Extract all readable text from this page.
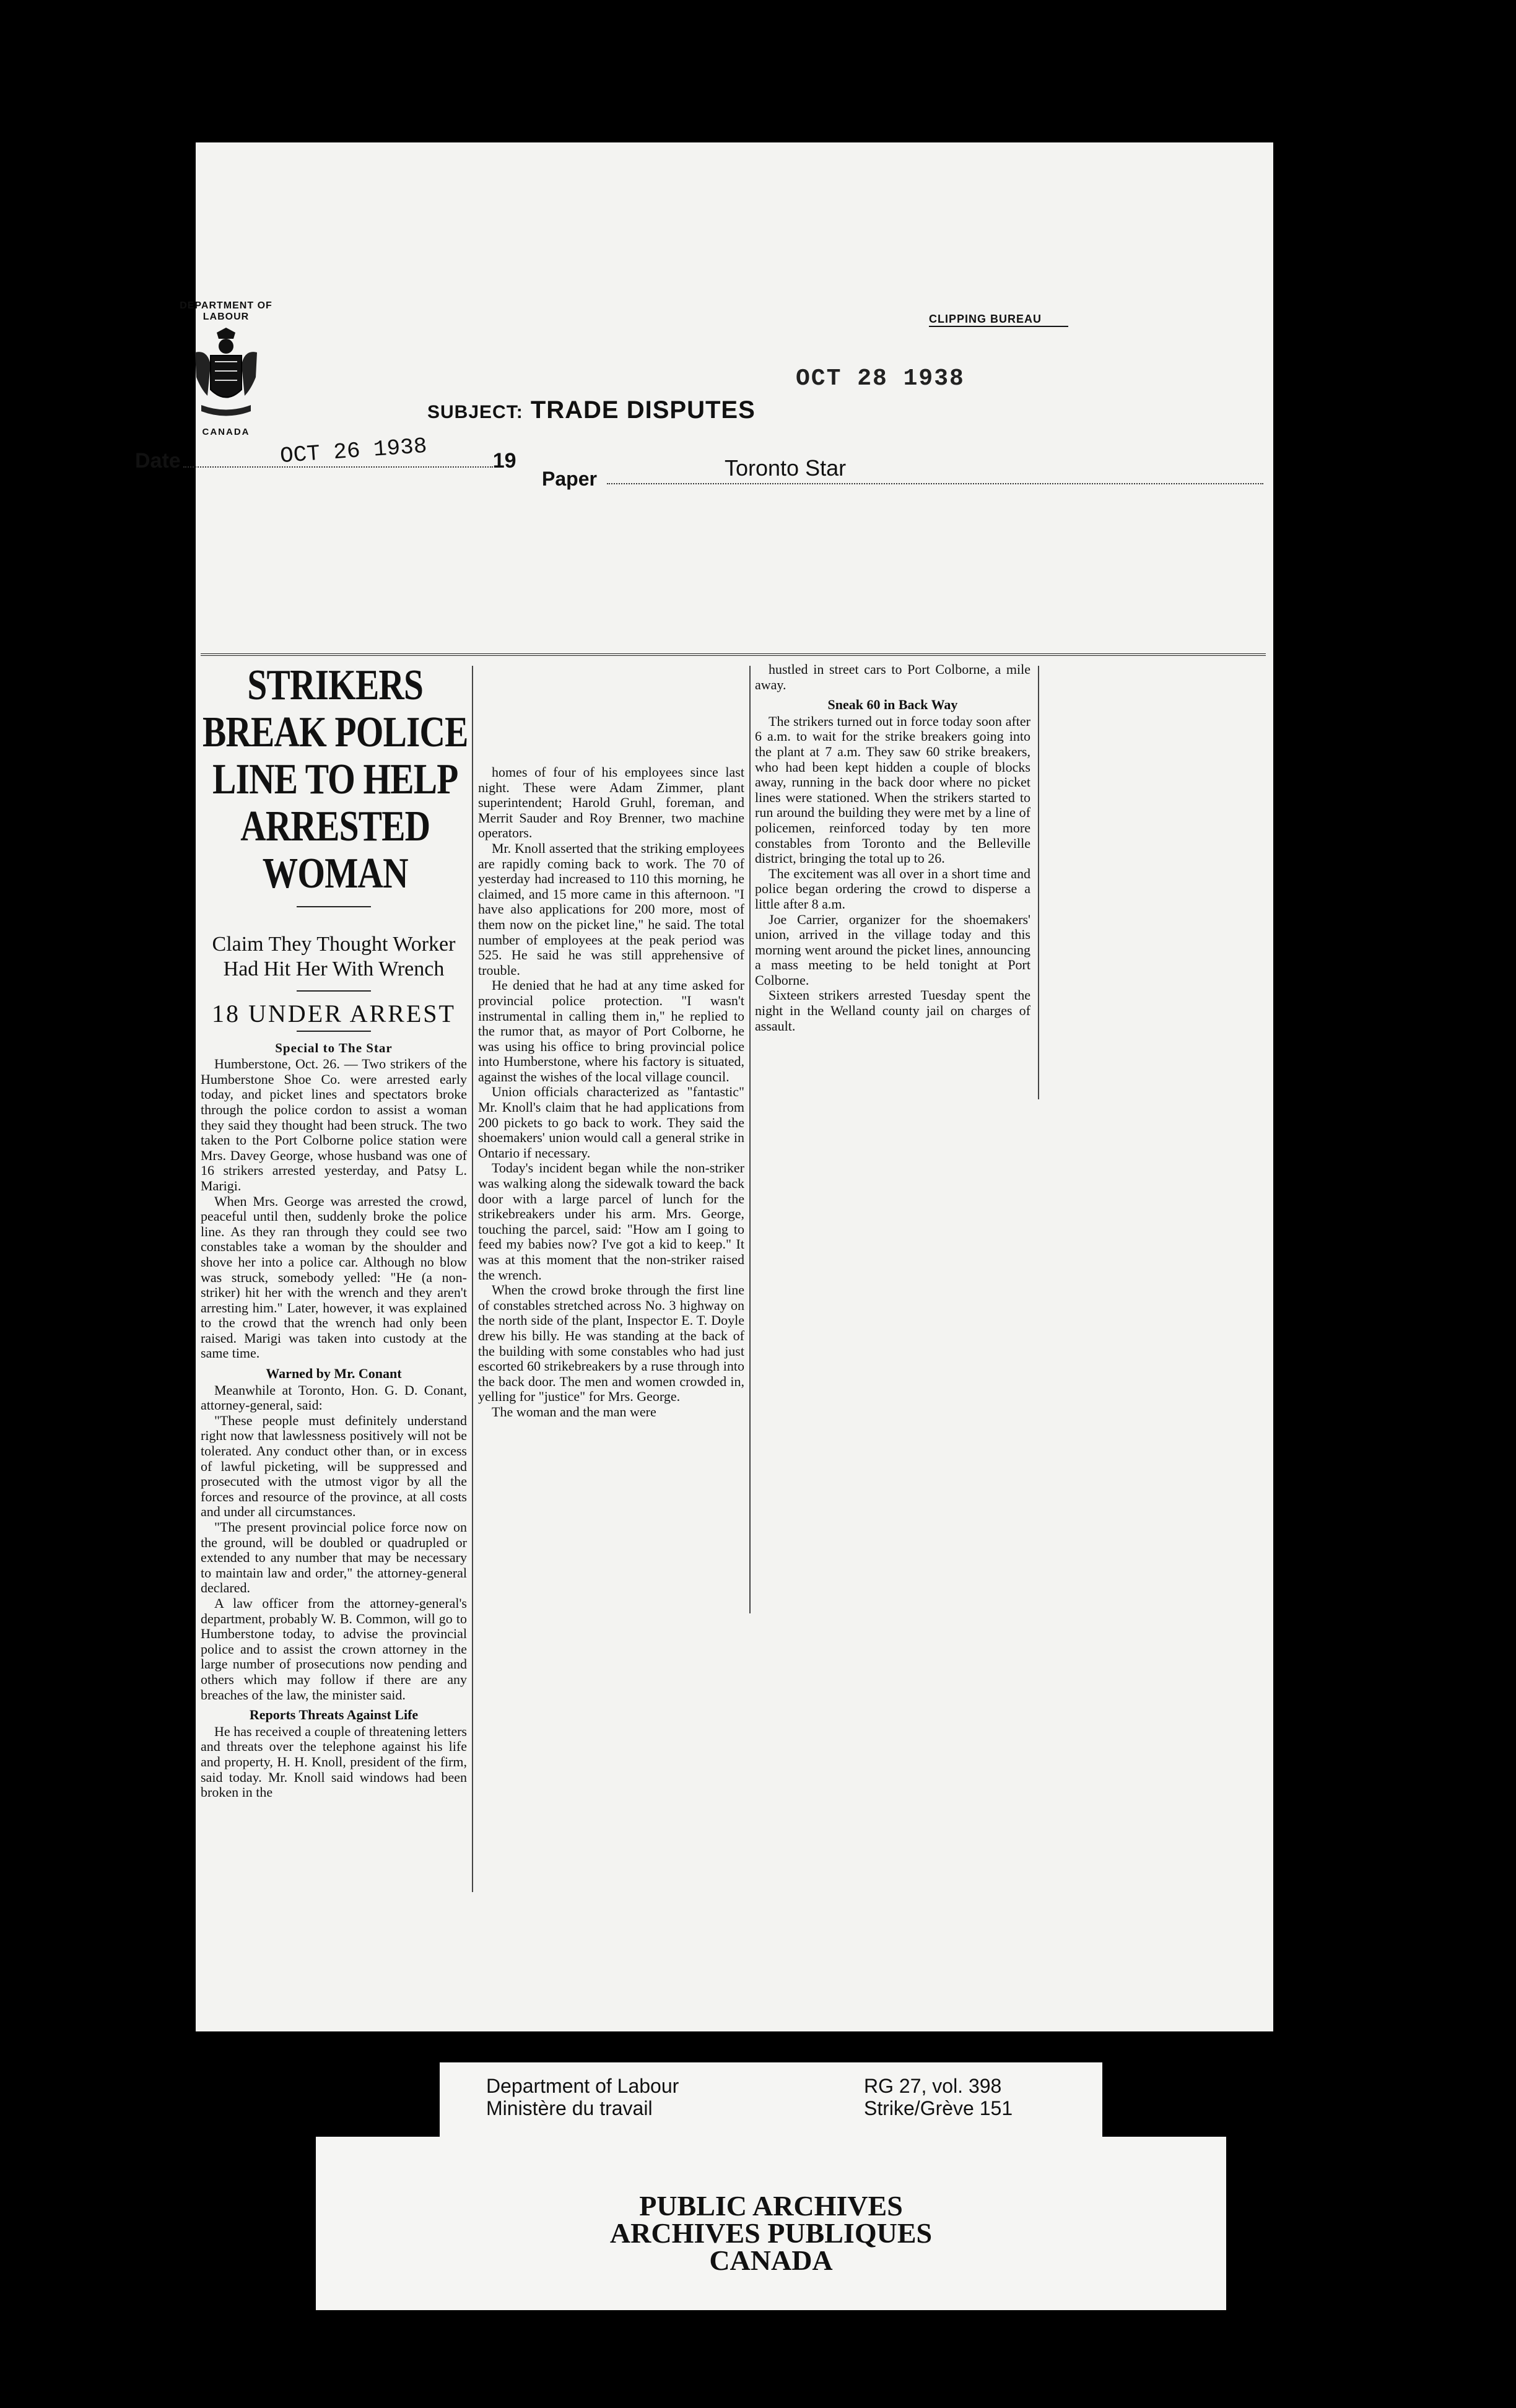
DEPARTMENT OF
LABOUR
CANADA
CLIPPING BUREAU
OCT 28 1938
SUBJECT: TRADE DISPUTES
Date	19
OCT 26 1938
Paper	Toronto Star
STRIKERS BREAK POLICE LINE TO HELP ARRESTED WOMAN
Claim They Thought Worker Had Hit Her With Wrench
18 UNDER ARREST
Special to The Star

Humberstone, Oct. 26. — Two strikers of the Humberstone Shoe Co. were arrested early today, and picket lines and spectators broke through the police cordon to assist a woman they said they thought had been struck. The two taken to the Port Colborne police station were Mrs. Davey George, whose husband was one of 16 strikers arrested yesterday, and Patsy L. Marigi.

When Mrs. George was arrested the crowd, peaceful until then, suddenly broke the police line. As they ran through they could see two constables take a woman by the shoulder and shove her into a police car. Although no blow was struck, somebody yelled: "He (a non-striker) hit her with the wrench and they aren't arresting him." Later, however, it was explained to the crowd that the wrench had only been raised. Marigi was taken into custody at the same time.

Warned by Mr. Conant

Meanwhile at Toronto, Hon. G. D. Conant, attorney-general, said:

"These people must definitely understand right now that lawlessness positively will not be tolerated. Any conduct other than, or in excess of lawful picketing, will be suppressed and prosecuted with the utmost vigor by all the forces and resource of the province, at all costs and under all circumstances.

"The present provincial police force now on the ground, will be doubled or quadrupled or extended to any number that may be necessary to maintain law and order," the attorney-general declared.

A law officer from the attorney-general's department, probably W. B. Common, will go to Humberstone today, to advise the provincial police and to assist the crown attorney in the large number of prosecutions now pending and others which may follow if there are any breaches of the law, the minister said.

Reports Threats Against Life

He has received a couple of threatening letters and threats over the telephone against his life and property, H. H. Knoll, president of the firm, said today. Mr. Knoll said windows had been broken in the

homes of four of his employees since last night. These were Adam Zimmer, plant superintendent; Harold Gruhl, foreman, and Merrit Sauder and Roy Brenner, two machine operators.

Mr. Knoll asserted that the striking employees are rapidly coming back to work. The 70 of yesterday had increased to 110 this morning, he claimed, and 15 more came in this afternoon. "I have also applications for 200 more, most of them now on the picket line," he said. The total number of employees at the peak period was 525. He said he was still apprehensive of trouble.

He denied that he had at any time asked for provincial police protection. "I wasn't instrumental in calling them in," he replied to the rumor that, as mayor of Port Colborne, he was using his office to bring provincial police into Humberstone, where his factory is situated, against the wishes of the local village council.

Union officials characterized as "fantastic" Mr. Knoll's claim that he had applications from 200 pickets to go back to work. They said the shoemakers' union would call a general strike in Ontario if necessary.

Today's incident began while the non-striker was walking along the sidewalk toward the back door with a large parcel of lunch for the strikebreakers under his arm. Mrs. George, touching the parcel, said: "How am I going to feed my babies now? I've got a kid to keep." It was at this moment that the non-striker raised the wrench.

When the crowd broke through the first line of constables stretched across No. 3 highway on the north side of the plant, Inspector E. T. Doyle drew his billy. He was standing at the back of the building with some constables who had just escorted 60 strikebreakers by a ruse through into the back door. The men and women crowded in, yelling for "justice" for Mrs. George.

The woman and the man were

hustled in street cars to Port Colborne, a mile away.

Sneak 60 in Back Way

The strikers turned out in force today soon after 6 a.m. to wait for the strike breakers going into the plant at 7 a.m. They saw 60 strike breakers, who had been kept hidden a couple of blocks away, running in the back door where no picket lines were stationed. When the strikers started to run around the building they were met by a line of policemen, reinforced today by ten more constables from Toronto and the Belleville district, bringing the total up to 26.

The excitement was all over in a short time and police began ordering the crowd to disperse a little after 8 a.m.

Joe Carrier, organizer for the shoemakers' union, arrived in the village today and this morning went around the picket lines, announcing a mass meeting to be held tonight at Port Colborne.

Sixteen strikers arrested Tuesday spent the night in the Welland county jail on charges of assault.

Department of Labour
Ministère du travail
RG 27, vol. 398
Strike/Grève 151
PUBLIC ARCHIVES
ARCHIVES PUBLIQUES
CANADA
